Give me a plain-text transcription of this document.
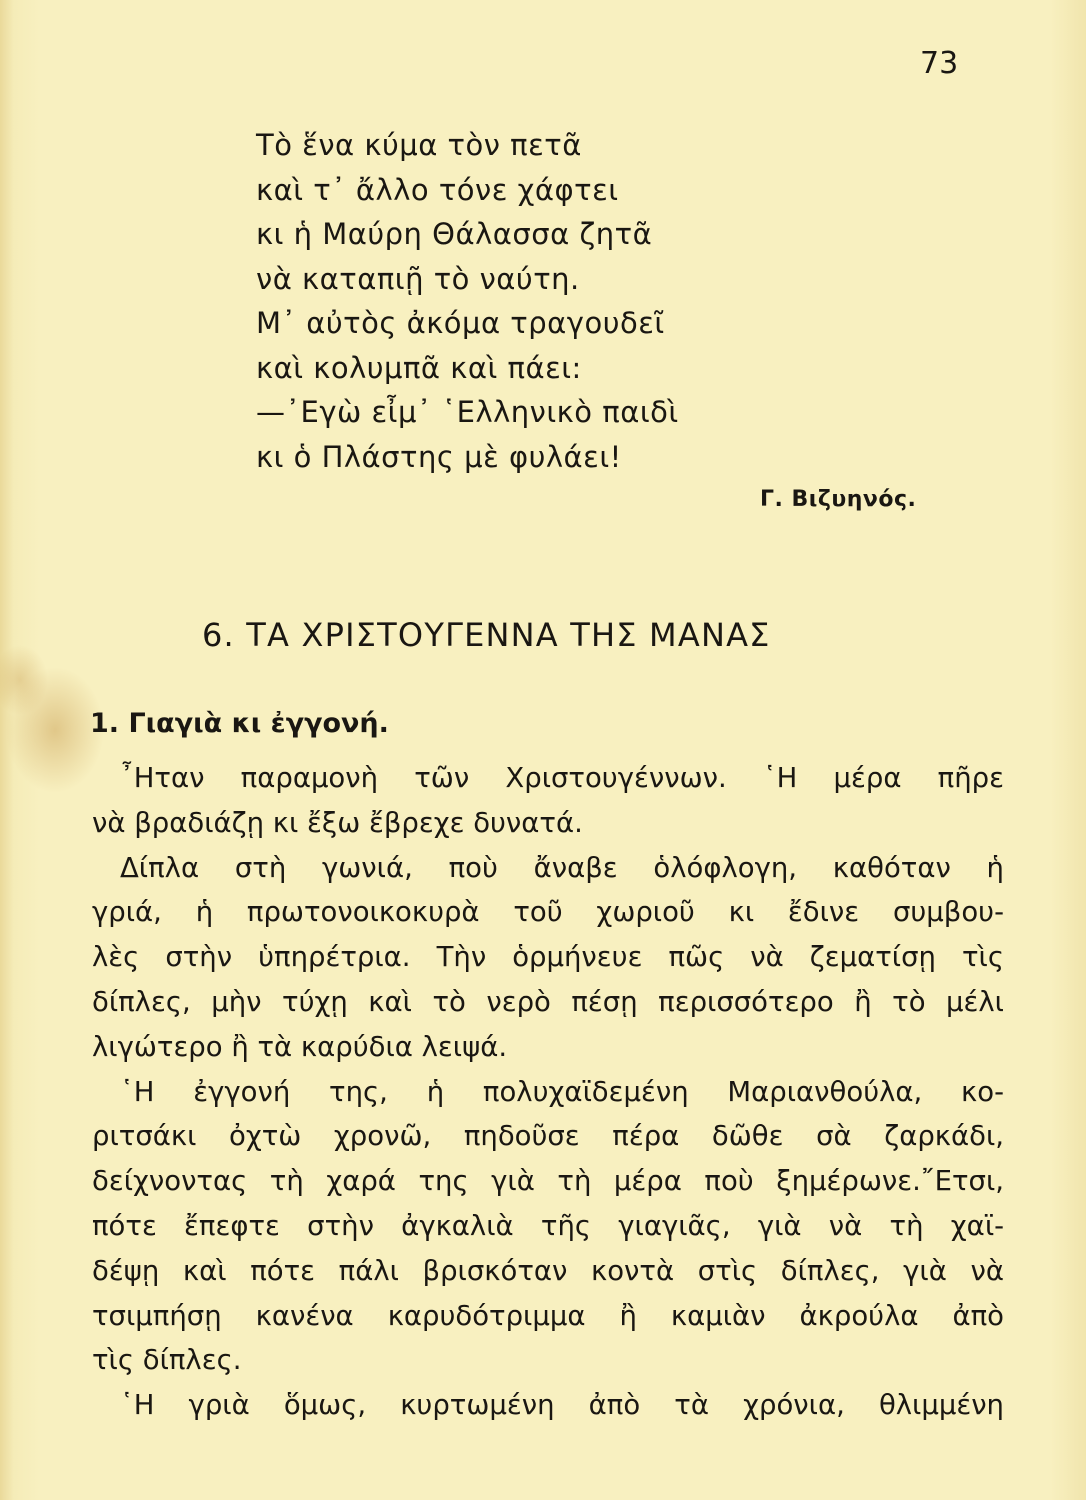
73
Τὸ ἕνα κύμα τὸν πετᾶ
καὶ τ᾿ ἄλλο τόνε χάφτει
κι ἡ Μαύρη Θάλασσα ζητᾶ
νὰ καταπιῇ τὸ ναύτη.
Μ᾿ αὐτὸς ἀκόμα τραγουδεῖ
καὶ κολυμπᾶ καὶ πάει:
—᾿Εγὼ εἶμ᾿ ῾Ελληνικὸ παιδὶ
κι ὁ Πλάστης μὲ φυλάει!
Γ. Βιζυηνός.
6. ΤΑ ΧΡΙΣΤΟΥΓΕΝΝΑ ΤΗΣ ΜΑΝΑΣ
1. Γιαγιὰ κι ἐγγονή.
῏Ηταν παραμονὴ τῶν Χριστουγέννων. ῾Η μέρα πῆρε
νὰ βραδιάζῃ κι ἔξω ἔβρεχε δυνατά.
Δίπλα στὴ γωνιά, ποὺ ἄναβε ὁλόφλογη, καθόταν ἡ
γριά, ἡ πρωτονοικοκυρὰ τοῦ χωριοῦ κι ἔδινε συμβου-
λὲς στὴν ὑπηρέτρια. Τὴν ὁρμήνευε πῶς νὰ ζεματίσῃ τὶς
δίπλες, μὴν τύχῃ καὶ τὸ νερὸ πέσῃ περισσότερο ἢ τὸ μέλι
λιγώτερο ἢ τὰ καρύδια λειψά.
῾Η ἐγγονή της, ἡ πολυχαϊδεμένη Μαριανθούλα, κο-
ριτσάκι ὀχτὼ χρονῶ, πηδοῦσε πέρα δῶθε σὰ ζαρκάδι,
δείχνοντας τὴ χαρά της γιὰ τὴ μέρα ποὺ ξημέρωνε.῎Ετσι,
πότε ἔπεφτε στὴν ἀγκαλιὰ τῆς γιαγιᾶς, γιὰ νὰ τὴ χαϊ-
δέψῃ καὶ πότε πάλι βρισκόταν κοντὰ στὶς δίπλες, γιὰ νὰ
τσιμπήσῃ κανένα καρυδότριμμα ἢ καμιὰν ἀκρούλα ἀπὸ
τὶς δίπλες.
῾Η γριὰ ὅμως, κυρτωμένη ἀπὸ τὰ χρόνια, θλιμμένη
